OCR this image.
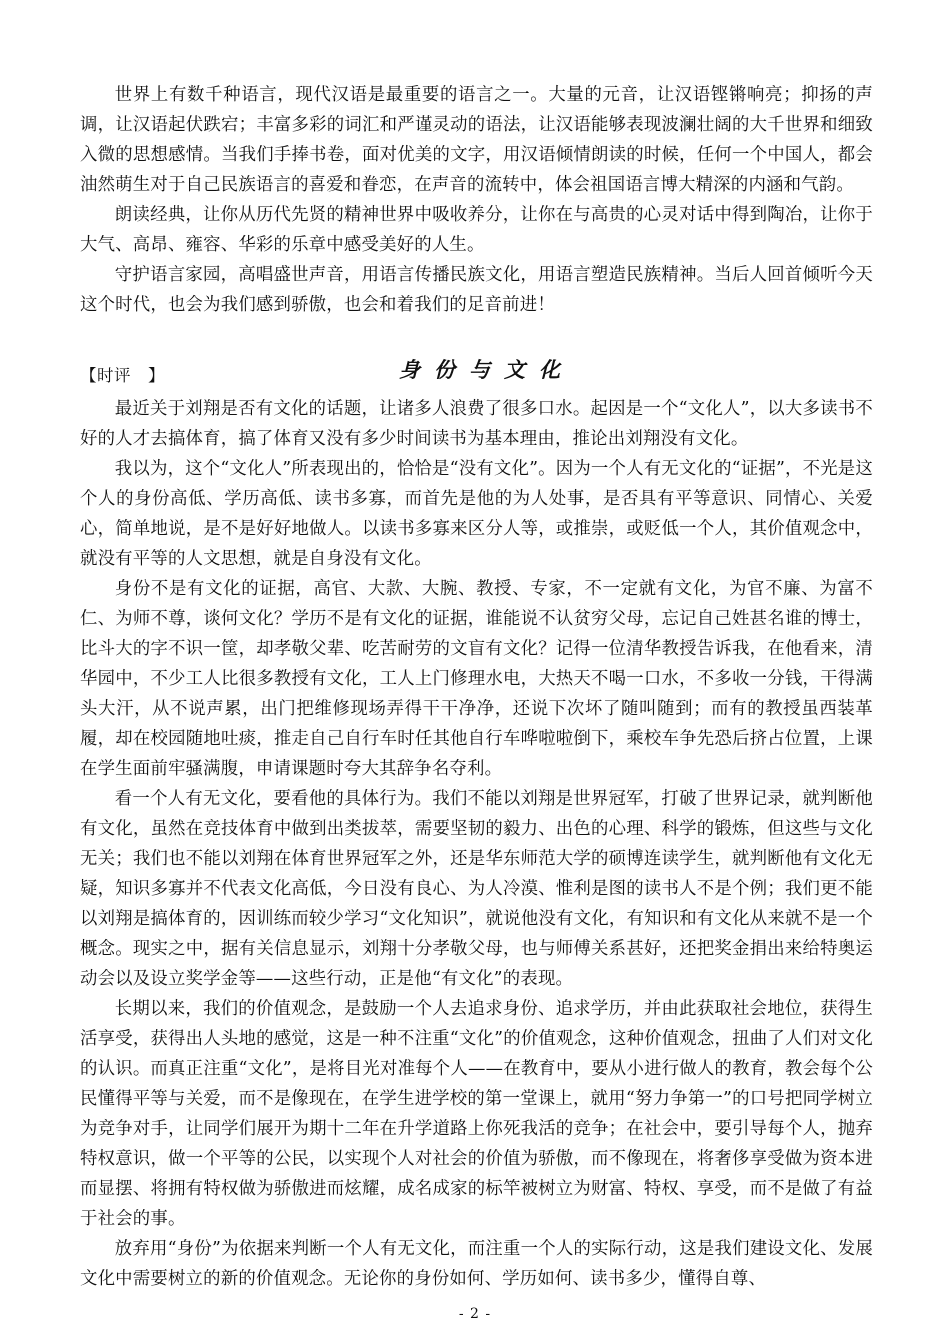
世界上有数千种语言，现代汉语是最重要的语言之一。大量的元音，让汉语铿锵响亮；抑扬的声调，让汉语起伏跌宕；丰富多彩的词汇和严谨灵动的语法，让汉语能够表现波澜壮阔的大千世界和细致入微的思想感情。当我们手捧书卷，面对优美的文字，用汉语倾情朗读的时候，任何一个中国人，都会油然萌生对于自己民族语言的喜爱和眷恋，在声音的流转中，体会祖国语言博大精深的内涵和气韵。

朗读经典，让你从历代先贤的精神世界中吸收养分，让你在与高贵的心灵对话中得到陶冶，让你于大气、高昂、雍容、华彩的乐章中感受美好的人生。

守护语言家园，高唱盛世声音，用语言传播民族文化，用语言塑造民族精神。当后人回首倾听今天这个时代，也会为我们感到骄傲，也会和着我们的足音前进！

【时评　】	身份与文化

最近关于刘翔是否有文化的话题，让诸多人浪费了很多口水。起因是一个“文化人”，以大多读书不好的人才去搞体育，搞了体育又没有多少时间读书为基本理由，推论出刘翔没有文化。

我以为，这个“文化人”所表现出的，恰恰是“没有文化”。因为一个人有无文化的“证据”，不光是这个人的身份高低、学历高低、读书多寡，而首先是他的为人处事，是否具有平等意识、同情心、关爱心，简单地说，是不是好好地做人。以读书多寡来区分人等，或推崇，或贬低一个人，其价值观念中，就没有平等的人文思想，就是自身没有文化。

身份不是有文化的证据，高官、大款、大腕、教授、专家，不一定就有文化，为官不廉、为富不仁、为师不尊，谈何文化？学历不是有文化的证据，谁能说不认贫穷父母，忘记自己姓甚名谁的博士，比斗大的字不识一筐，却孝敬父辈、吃苦耐劳的文盲有文化？记得一位清华教授告诉我，在他看来，清华园中，不少工人比很多教授有文化，工人上门修理水电，大热天不喝一口水，不多收一分钱，干得满头大汗，从不说声累，出门把维修现场弄得干干净净，还说下次坏了随叫随到；而有的教授虽西装革履，却在校园随地吐痰，推走自己自行车时任其他自行车哗啦啦倒下，乘校车争先恐后挤占位置，上课在学生面前牢骚满腹，申请课题时夸大其辞争名夺利。

看一个人有无文化，要看他的具体行为。我们不能以刘翔是世界冠军，打破了世界记录，就判断他有文化，虽然在竞技体育中做到出类拔萃，需要坚韧的毅力、出色的心理、科学的锻炼，但这些与文化无关；我们也不能以刘翔在体育世界冠军之外，还是华东师范大学的硕博连读学生，就判断他有文化无疑，知识多寡并不代表文化高低，今日没有良心、为人冷漠、惟利是图的读书人不是个例；我们更不能以刘翔是搞体育的，因训练而较少学习“文化知识”，就说他没有文化，有知识和有文化从来就不是一个概念。现实之中，据有关信息显示，刘翔十分孝敬父母，也与师傅关系甚好，还把奖金捐出来给特奥运动会以及设立奖学金等——这些行动，正是他“有文化”的表现。

长期以来，我们的价值观念，是鼓励一个人去追求身份、追求学历，并由此获取社会地位，获得生活享受，获得出人头地的感觉，这是一种不注重“文化”的价值观念，这种价值观念，扭曲了人们对文化的认识。而真正注重“文化”，是将目光对准每个人——在教育中，要从小进行做人的教育，教会每个公民懂得平等与关爱，而不是像现在，在学生进学校的第一堂课上，就用“努力争第一”的口号把同学树立为竞争对手，让同学们展开为期十二年在升学道路上你死我活的竞争；在社会中，要引导每个人，抛弃特权意识，做一个平等的公民，以实现个人对社会的价值为骄傲，而不像现在，将奢侈享受做为资本进而显摆、将拥有特权做为骄傲进而炫耀，成名成家的标竿被树立为财富、特权、享受，而不是做了有益于社会的事。

放弃用“身份”为依据来判断一个人有无文化，而注重一个人的实际行动，这是我们建设文化、发展文化中需要树立的新的价值观念。无论你的身份如何、学历如何、读书多少，懂得自尊、

- 2 -
